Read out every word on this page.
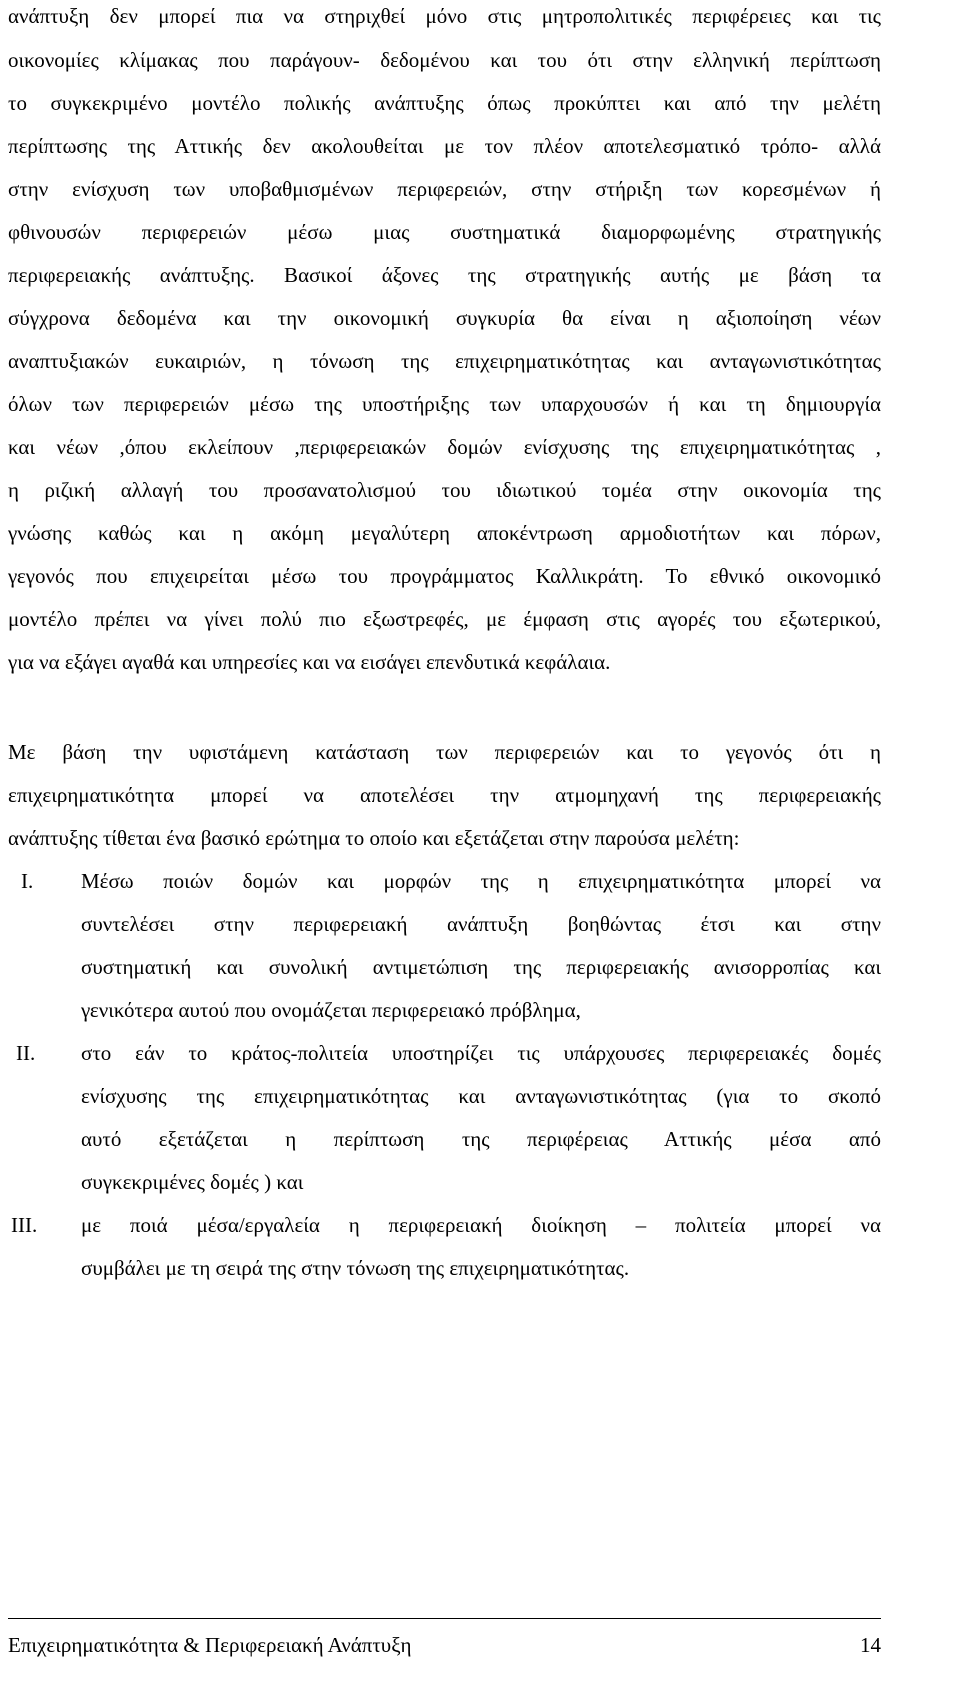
ανάπτυξη δεν μπορεί πια να στηριχθεί μόνο στις μητροπολιτικές περιφέρειες και τις
οικονομίες κλίμακας που παράγουν- δεδομένου και του ότι στην ελληνική περίπτωση
το συγκεκριμένο μοντέλο πολικής ανάπτυξης όπως προκύπτει και από την μελέτη
περίπτωσης της Αττικής δεν ακολουθείται με τον πλέον αποτελεσματικό τρόπο- αλλά
στην ενίσχυση των υποβαθμισμένων περιφερειών, στην στήριξη των κορεσμένων ή
φθινουσών περιφερειών μέσω μιας συστηματικά διαμορφωμένης στρατηγικής
περιφερειακής ανάπτυξης. Βασικοί άξονες της στρατηγικής αυτής με βάση τα
σύγχρονα δεδομένα και την οικονομική συγκυρία θα είναι η αξιοποίηση νέων
αναπτυξιακών ευκαιριών, η τόνωση της επιχειρηματικότητας και ανταγωνιστικότητας
όλων των περιφερειών μέσω της υποστήριξης των υπαρχουσών ή και τη δημιουργία
και νέων ,όπου εκλείπουν ,περιφερειακών δομών ενίσχυσης της επιχειρηματικότητας ,
η ριζική αλλαγή του προσανατολισμού του ιδιωτικού τομέα στην οικονομία της
γνώσης καθώς και η ακόμη μεγαλύτερη αποκέντρωση αρμοδιοτήτων και πόρων,
γεγονός που επιχειρείται μέσω του προγράμματος Καλλικράτη. Το εθνικό οικονομικό
μοντέλο πρέπει να γίνει πολύ πιο εξωστρεφές, με έμφαση στις αγορές του εξωτερικού,
για να εξάγει αγαθά και υπηρεσίες και να εισάγει επενδυτικά κεφάλαια.
Με βάση την υφιστάμενη κατάσταση των περιφερειών και το γεγονός ότι η
επιχειρηματικότητα μπορεί να αποτελέσει την ατμομηχανή της περιφερειακής
ανάπτυξης τίθεται ένα βασικό ερώτημα το οποίο και εξετάζεται στην παρούσα μελέτη:
I. Μέσω ποιών δομών και μορφών της η επιχειρηματικότητα μπορεί να
συντελέσει στην περιφερειακή ανάπτυξη βοηθώντας έτσι και στην
συστηματική και συνολική αντιμετώπιση της περιφερειακής ανισορροπίας και
γενικότερα αυτού που ονομάζεται περιφερειακό πρόβλημα,
II. στο εάν το κράτος-πολιτεία υποστηρίζει τις υπάρχουσες περιφερειακές δομές
ενίσχυσης της επιχειρηματικότητας και ανταγωνιστικότητας (για το σκοπό
αυτό εξετάζεται η περίπτωση της περιφέρειας Αττικής μέσα από
συγκεκριμένες δομές ) και
III. με ποιά μέσα/εργαλεία η περιφερειακή διοίκηση – πολιτεία μπορεί να
συμβάλει με τη σειρά της στην τόνωση της επιχειρηματικότητας.
Επιχειρηματικότητα & Περιφερειακή Ανάπτυξη	14
